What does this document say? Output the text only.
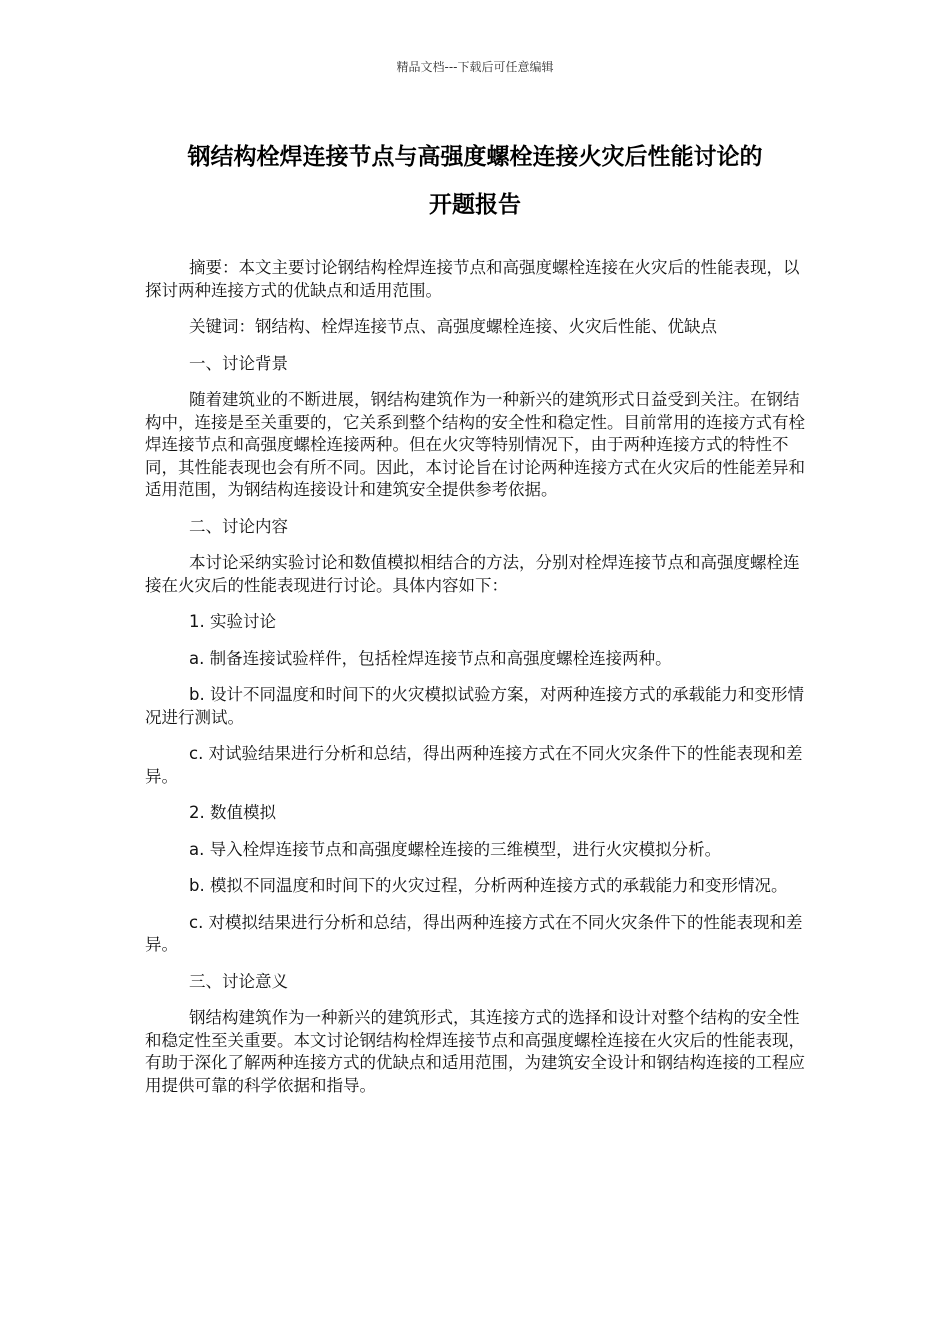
精品文档---下载后可任意编辑
钢结构栓焊连接节点与高强度螺栓连接火灾后性能讨论的
开题报告

摘要：本文主要讨论钢结构栓焊连接节点和高强度螺栓连接在火灾后的性能表现，以探讨两种连接方式的优缺点和适用范围。

关键词：钢结构、栓焊连接节点、高强度螺栓连接、火灾后性能、优缺点

一、讨论背景

随着建筑业的不断进展，钢结构建筑作为一种新兴的建筑形式日益受到关注。在钢结构中，连接是至关重要的，它关系到整个结构的安全性和稳定性。目前常用的连接方式有栓焊连接节点和高强度螺栓连接两种。但在火灾等特别情况下，由于两种连接方式的特性不同，其性能表现也会有所不同。因此，本讨论旨在讨论两种连接方式在火灾后的性能差异和适用范围，为钢结构连接设计和建筑安全提供参考依据。

二、讨论内容

本讨论采纳实验讨论和数值模拟相结合的方法，分别对栓焊连接节点和高强度螺栓连接在火灾后的性能表现进行讨论。具体内容如下：

1. 实验讨论

a. 制备连接试验样件，包括栓焊连接节点和高强度螺栓连接两种。

b. 设计不同温度和时间下的火灾模拟试验方案，对两种连接方式的承载能力和变形情况进行测试。

c. 对试验结果进行分析和总结，得出两种连接方式在不同火灾条件下的性能表现和差异。

2. 数值模拟

a. 导入栓焊连接节点和高强度螺栓连接的三维模型，进行火灾模拟分析。

b. 模拟不同温度和时间下的火灾过程，分析两种连接方式的承载能力和变形情况。

c. 对模拟结果进行分析和总结，得出两种连接方式在不同火灾条件下的性能表现和差异。

三、讨论意义

钢结构建筑作为一种新兴的建筑形式，其连接方式的选择和设计对整个结构的安全性和稳定性至关重要。本文讨论钢结构栓焊连接节点和高强度螺栓连接在火灾后的性能表现，有助于深化了解两种连接方式的优缺点和适用范围，为建筑安全设计和钢结构连接的工程应用提供可靠的科学依据和指导。
